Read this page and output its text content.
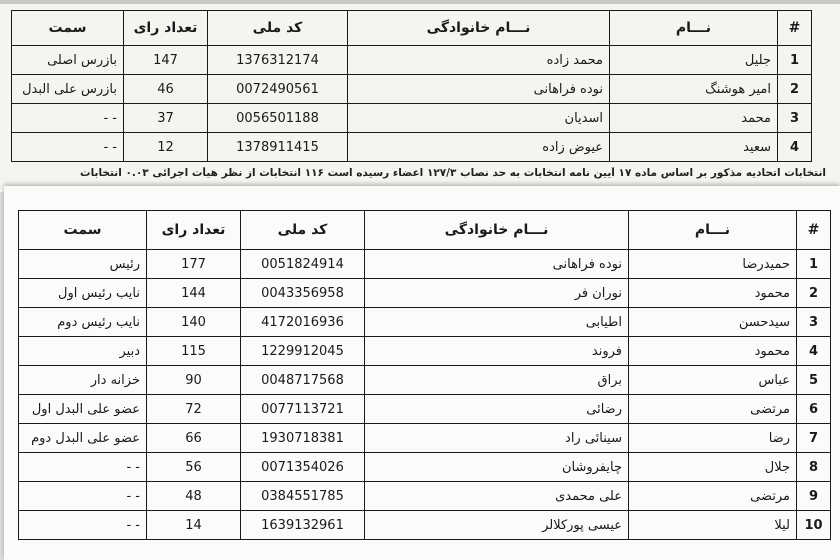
#	نـــام	نـــام خانوادگی	کد ملی	تعداد رای	سمت
1	جلیل	محمد زاده	1376312174	147	بازرس اصلی
2	امیر هوشنگ	نوده فراهانی	0072490561	46	بازرس علی البدل
3	محمد	اسدیان	0056501188	37	- -
4	سعید	عیوض زاده	1378911415	12	- -
انتخابات اتحادیه مذکور بر اساس ماده ۱۷ آیین نامه انتخابات به حد نصاب ۱۲۷/۳ اعضاء رسیده است ۱۱۶ انتخابات از نظر هیأت اجرائی ۰.۰۳ انتخابات
#	نـــام	نـــام خانوادگی	کد ملی	تعداد رای	سمت
1	حمیدرضا	نوده فراهانی	0051824914	177	رئیس
2	محمود	نوران فر	0043356958	144	نایب رئیس اول
3	سیدحسن	اطیابی	4172016936	140	نایب رئیس دوم
4	محمود	فروند	1229912045	115	دبیر
5	عباس	براق	0048717568	90	خزانه دار
6	مرتضی	رضائی	0077113721	72	عضو علی البدل اول
7	رضا	سینائی راد	1930718381	66	عضو علی البدل دوم
8	جلال	چایفروشان	0071354026	56	- -
9	مرتضی	علی محمدی	0384551785	48	- -
10	لیلا	عیسی پورکلالر	1639132961	14	- -
